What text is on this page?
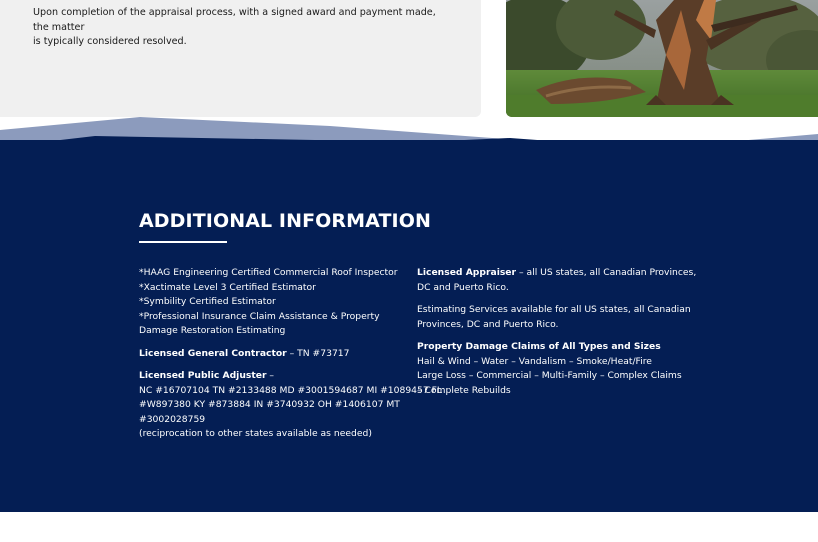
Upon completion of the appraisal process, with a signed award and payment made, the matter
is typically considered resolved.

ADDITIONAL INFORMATION
*HAAG Engineering Certified Commercial Roof Inspector
*Xactimate Level 3 Certified Estimator
*Symbility Certified Estimator
*Professional Insurance Claim Assistance & Property
Damage Restoration Estimating
Licensed General Contractor – TN #73717
Licensed Public Adjuster –
NC #16707104 TN #2133488 MD #3001594687 MI #1089457 FL
#W897380 KY #873884 IN #3740932 OH #1406107 MT
#3002028759
(reciprocation to other states available as needed)
Licensed Appraiser – all US states, all Canadian Provinces,
DC and Puerto Rico.
Estimating Services available for all US states, all Canadian
Provinces, DC and Puerto Rico.
Property Damage Claims of All Types and Sizes
Hail & Wind – Water – Vandalism – Smoke/Heat/Fire
Large Loss – Commercial – Multi-Family – Complex Claims
– Complete Rebuilds
